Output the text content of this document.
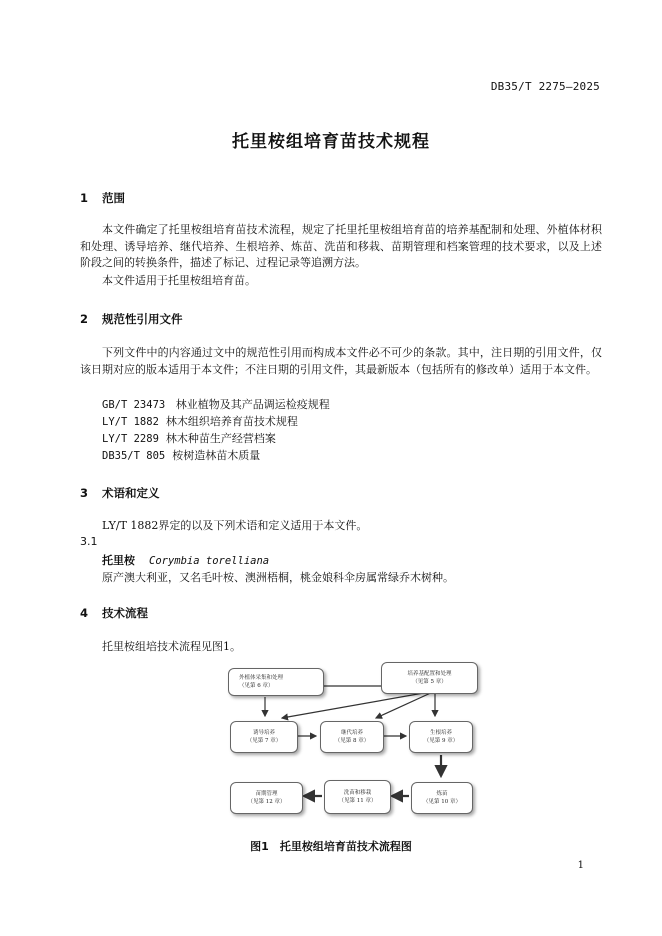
DB35/T 2275—2025
托里桉组培育苗技术规程
1 范围
本文件确定了托里桉组培育苗技术流程，规定了托里托里桉组培育苗的培养基配制和处理、外植体材积和处理、诱导培养、继代培养、生根培养、炼苗、洗苗和移栽、苗期管理和档案管理的技术要求，以及上述阶段之间的转换条件，描述了标记、过程记录等追溯方法。
本文件适用于托里桉组培育苗。
2 规范性引用文件
下列文件中的内容通过文中的规范性引用而构成本文件必不可少的条款。其中，注日期的引用文件，仅该日期对应的版本适用于本文件；不注日期的引用文件，其最新版本（包括所有的修改单）适用于本文件。
GB/T 23473 林业植物及其产品调运检疫规程
LY/T 1882 林木组织培养育苗技术规程
LY/T 2289 林木种苗生产经营档案
DB35/T 805 桉树造林苗木质量
3 术语和定义
LY/T 1882界定的以及下列术语和定义适用于本文件。
3.1
托里桉 Corymbia torelliana
原产澳大利亚，又名毛叶桉、澳洲梧桐，桃金娘科伞房属常绿乔木树种。
4 技术流程
托里桉组培技术流程见图1。
外植体采集和处理
（见第 6 章）
培养基配置和处理
（见第 5 章）
诱导培养
（见第 7 章）
继代培养
（见第 8 章）
生根培养
（见第 9 章）
炼苗
（见第 10 章）
洗苗和移栽
（见第 11 章）
苗期管理
（见第 12 章）
图1　托里桉组培育苗技术流程图
1
